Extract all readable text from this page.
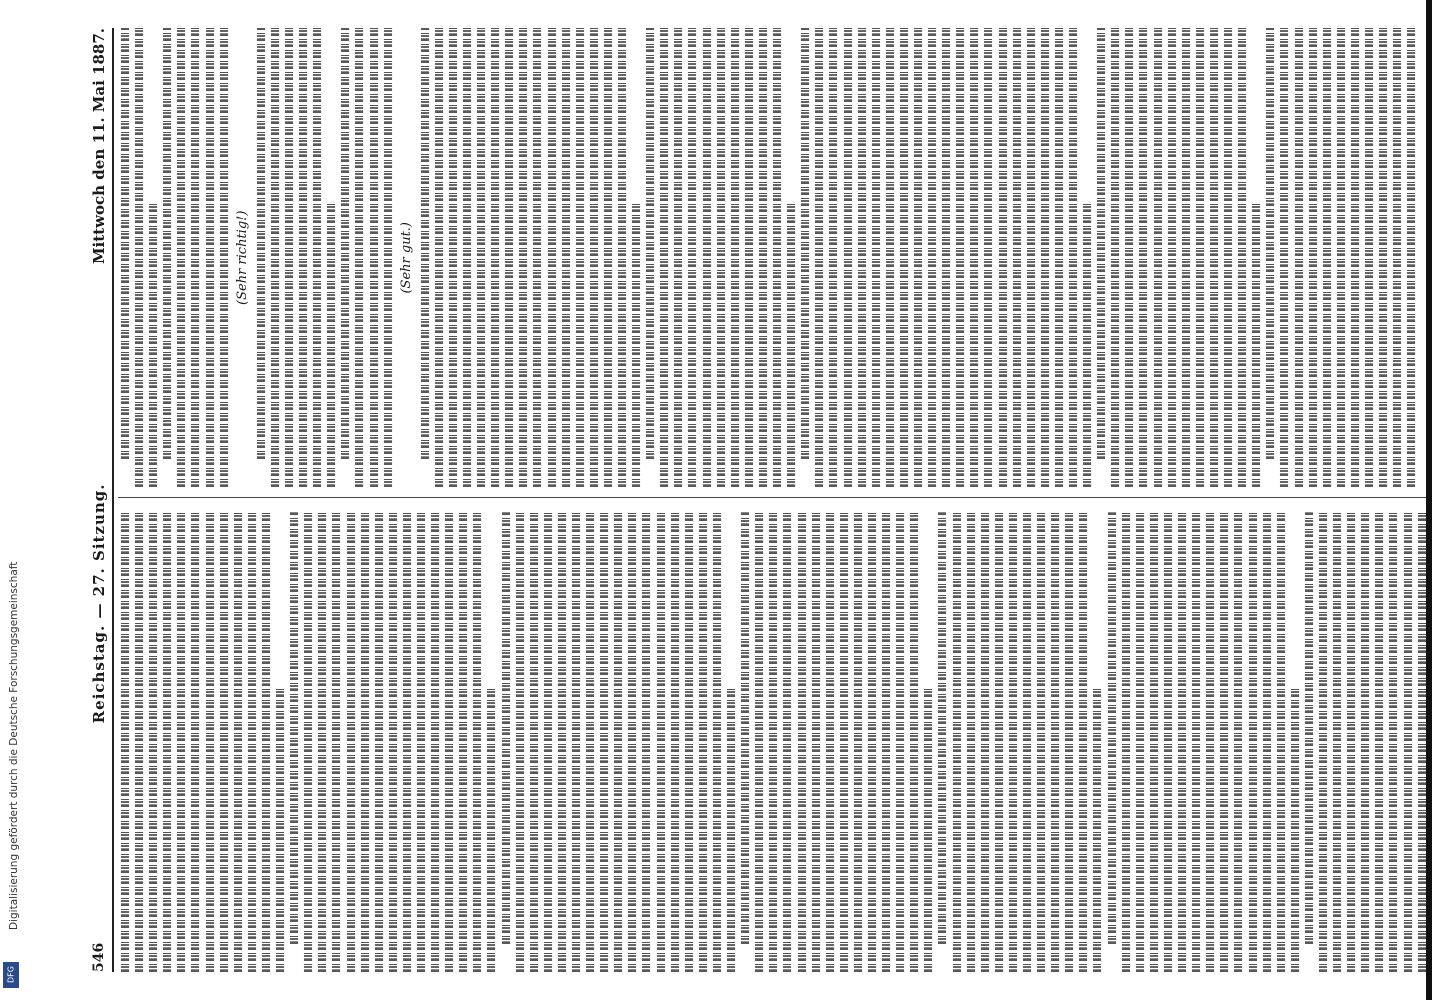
Digitalisierung gefördert durch die Deutsche Forschungsgemeinschaft
DFG
546
Reichstag. — 27. Sitzung.
Mittwoch den 11. Mai 1887.	(Sehr richtig!)	(Sehr gut.)
